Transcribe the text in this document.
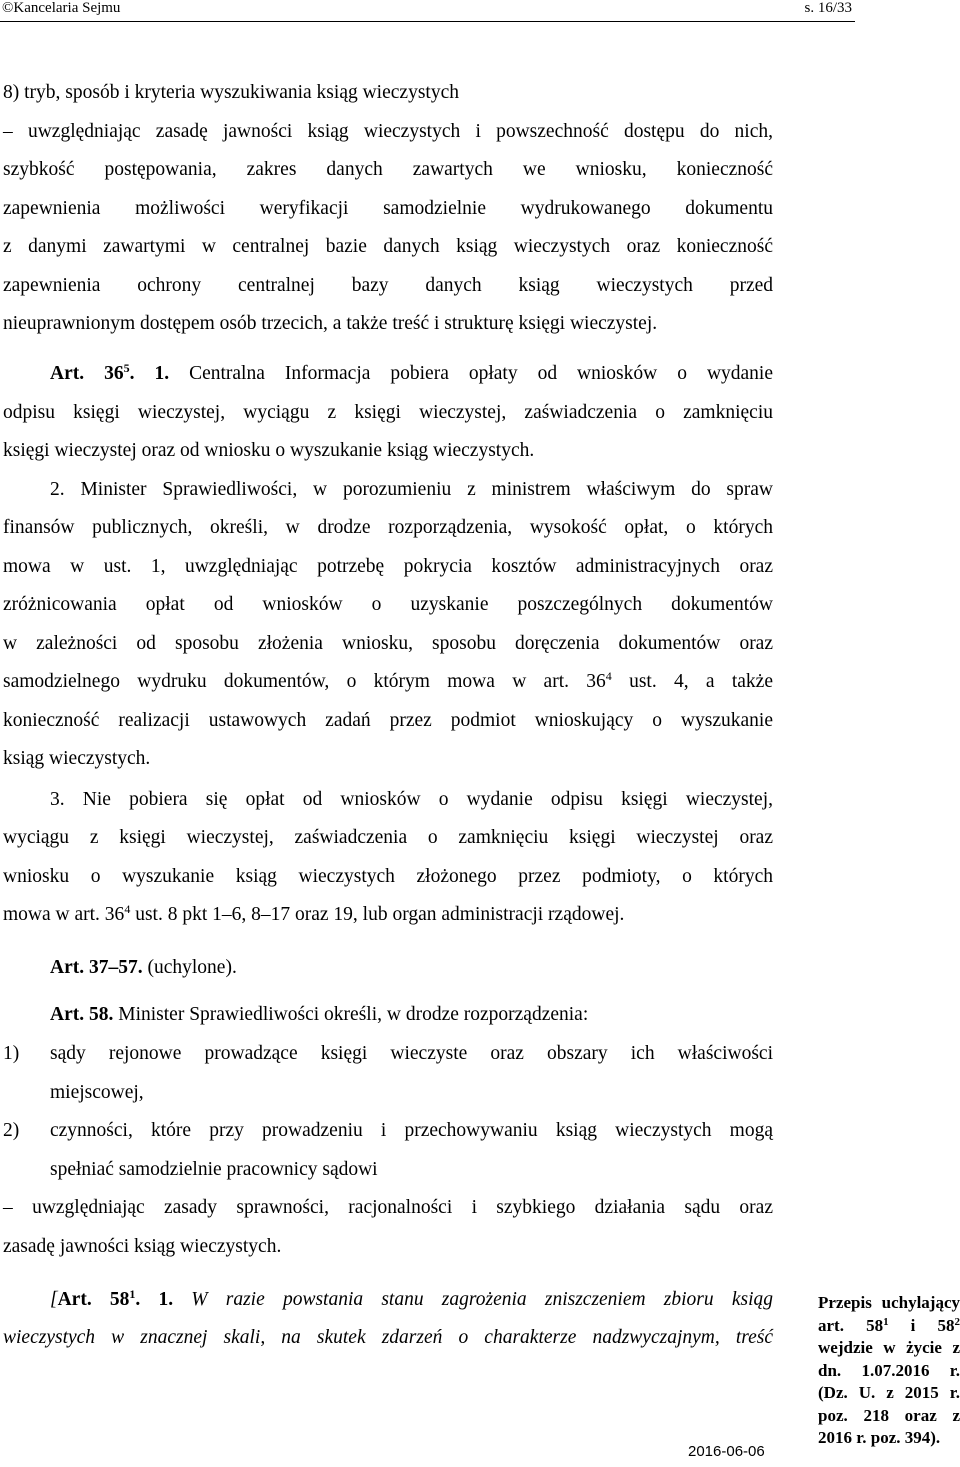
©Kancelaria Sejmu	s. 16/33
8) tryb, sposób i kryteria wyszukiwania ksiąg wieczystych
– uwzględniając zasadę jawności ksiąg wieczystych i powszechność dostępu do nich,
szybkość postępowania, zakres danych zawartych we wniosku, konieczność
zapewnienia możliwości weryfikacji samodzielnie wydrukowanego dokumentu
z danymi zawartymi w centralnej bazie danych ksiąg wieczystych oraz konieczność
zapewnienia ochrony centralnej bazy danych ksiąg wieczystych przed
nieuprawnionym dostępem osób trzecich, a także treść i strukturę księgi wieczystej.
Art. $36^5$. 1. Centralna Informacja pobiera opłaty od wniosków o wydanie
odpisu księgi wieczystej, wyciągu z księgi wieczystej, zaświadczenia o zamknięciu
księgi wieczystej oraz od wniosku o wyszukanie ksiąg wieczystych.
2. Minister Sprawiedliwości, w porozumieniu z ministrem właściwym do spraw
finansów publicznych, określi, w drodze rozporządzenia, wysokość opłat, o których
mowa w ust. 1, uwzględniając potrzebę pokrycia kosztów administracyjnych oraz
zróżnicowania opłat od wniosków o uzyskanie poszczególnych dokumentów
w zależności od sposobu złożenia wniosku, sposobu doręczenia dokumentów oraz
samodzielnego wydruku dokumentów, o którym mowa w art. $36^4$ ust. 4, a także
konieczność realizacji ustawowych zadań przez podmiot wnioskujący o wyszukanie
ksiąg wieczystych.
3. Nie pobiera się opłat od wniosków o wydanie odpisu księgi wieczystej,
wyciągu z księgi wieczystej, zaświadczenia o zamknięciu księgi wieczystej oraz
wniosku o wyszukanie ksiąg wieczystych złożonego przez podmioty, o których
mowa w art. $36^4$ ust. 8 pkt 1–6, 8–17 oraz 19, lub organ administracji rządowej.
Art. 37–57. (uchylone).
Art. 58. Minister Sprawiedliwości określi, w drodze rozporządzenia:
1) sądy rejonowe prowadzące księgi wieczyste oraz obszary ich właściwości
miejscowej,
2) czynności, które przy prowadzeniu i przechowywaniu ksiąg wieczystych mogą
spełniać samodzielnie pracownicy sądowi
– uwzględniając zasady sprawności, racjonalności i szybkiego działania sądu oraz
zasadę jawności ksiąg wieczystych.
[Art. $58^1$. 1. W razie powstania stanu zagrożenia zniszczeniem zbioru ksiąg
wieczystych w znacznej skali, na skutek zdarzeń o charakterze nadzwyczajnym, treść
Przepis uchylający art. $58^1$ i $58^2$ wejdzie w życie z dn. 1.07.2016 r. (Dz. U. z 2015 r. poz. 218 oraz z 2016 r. poz. 394).
2016-06-06
